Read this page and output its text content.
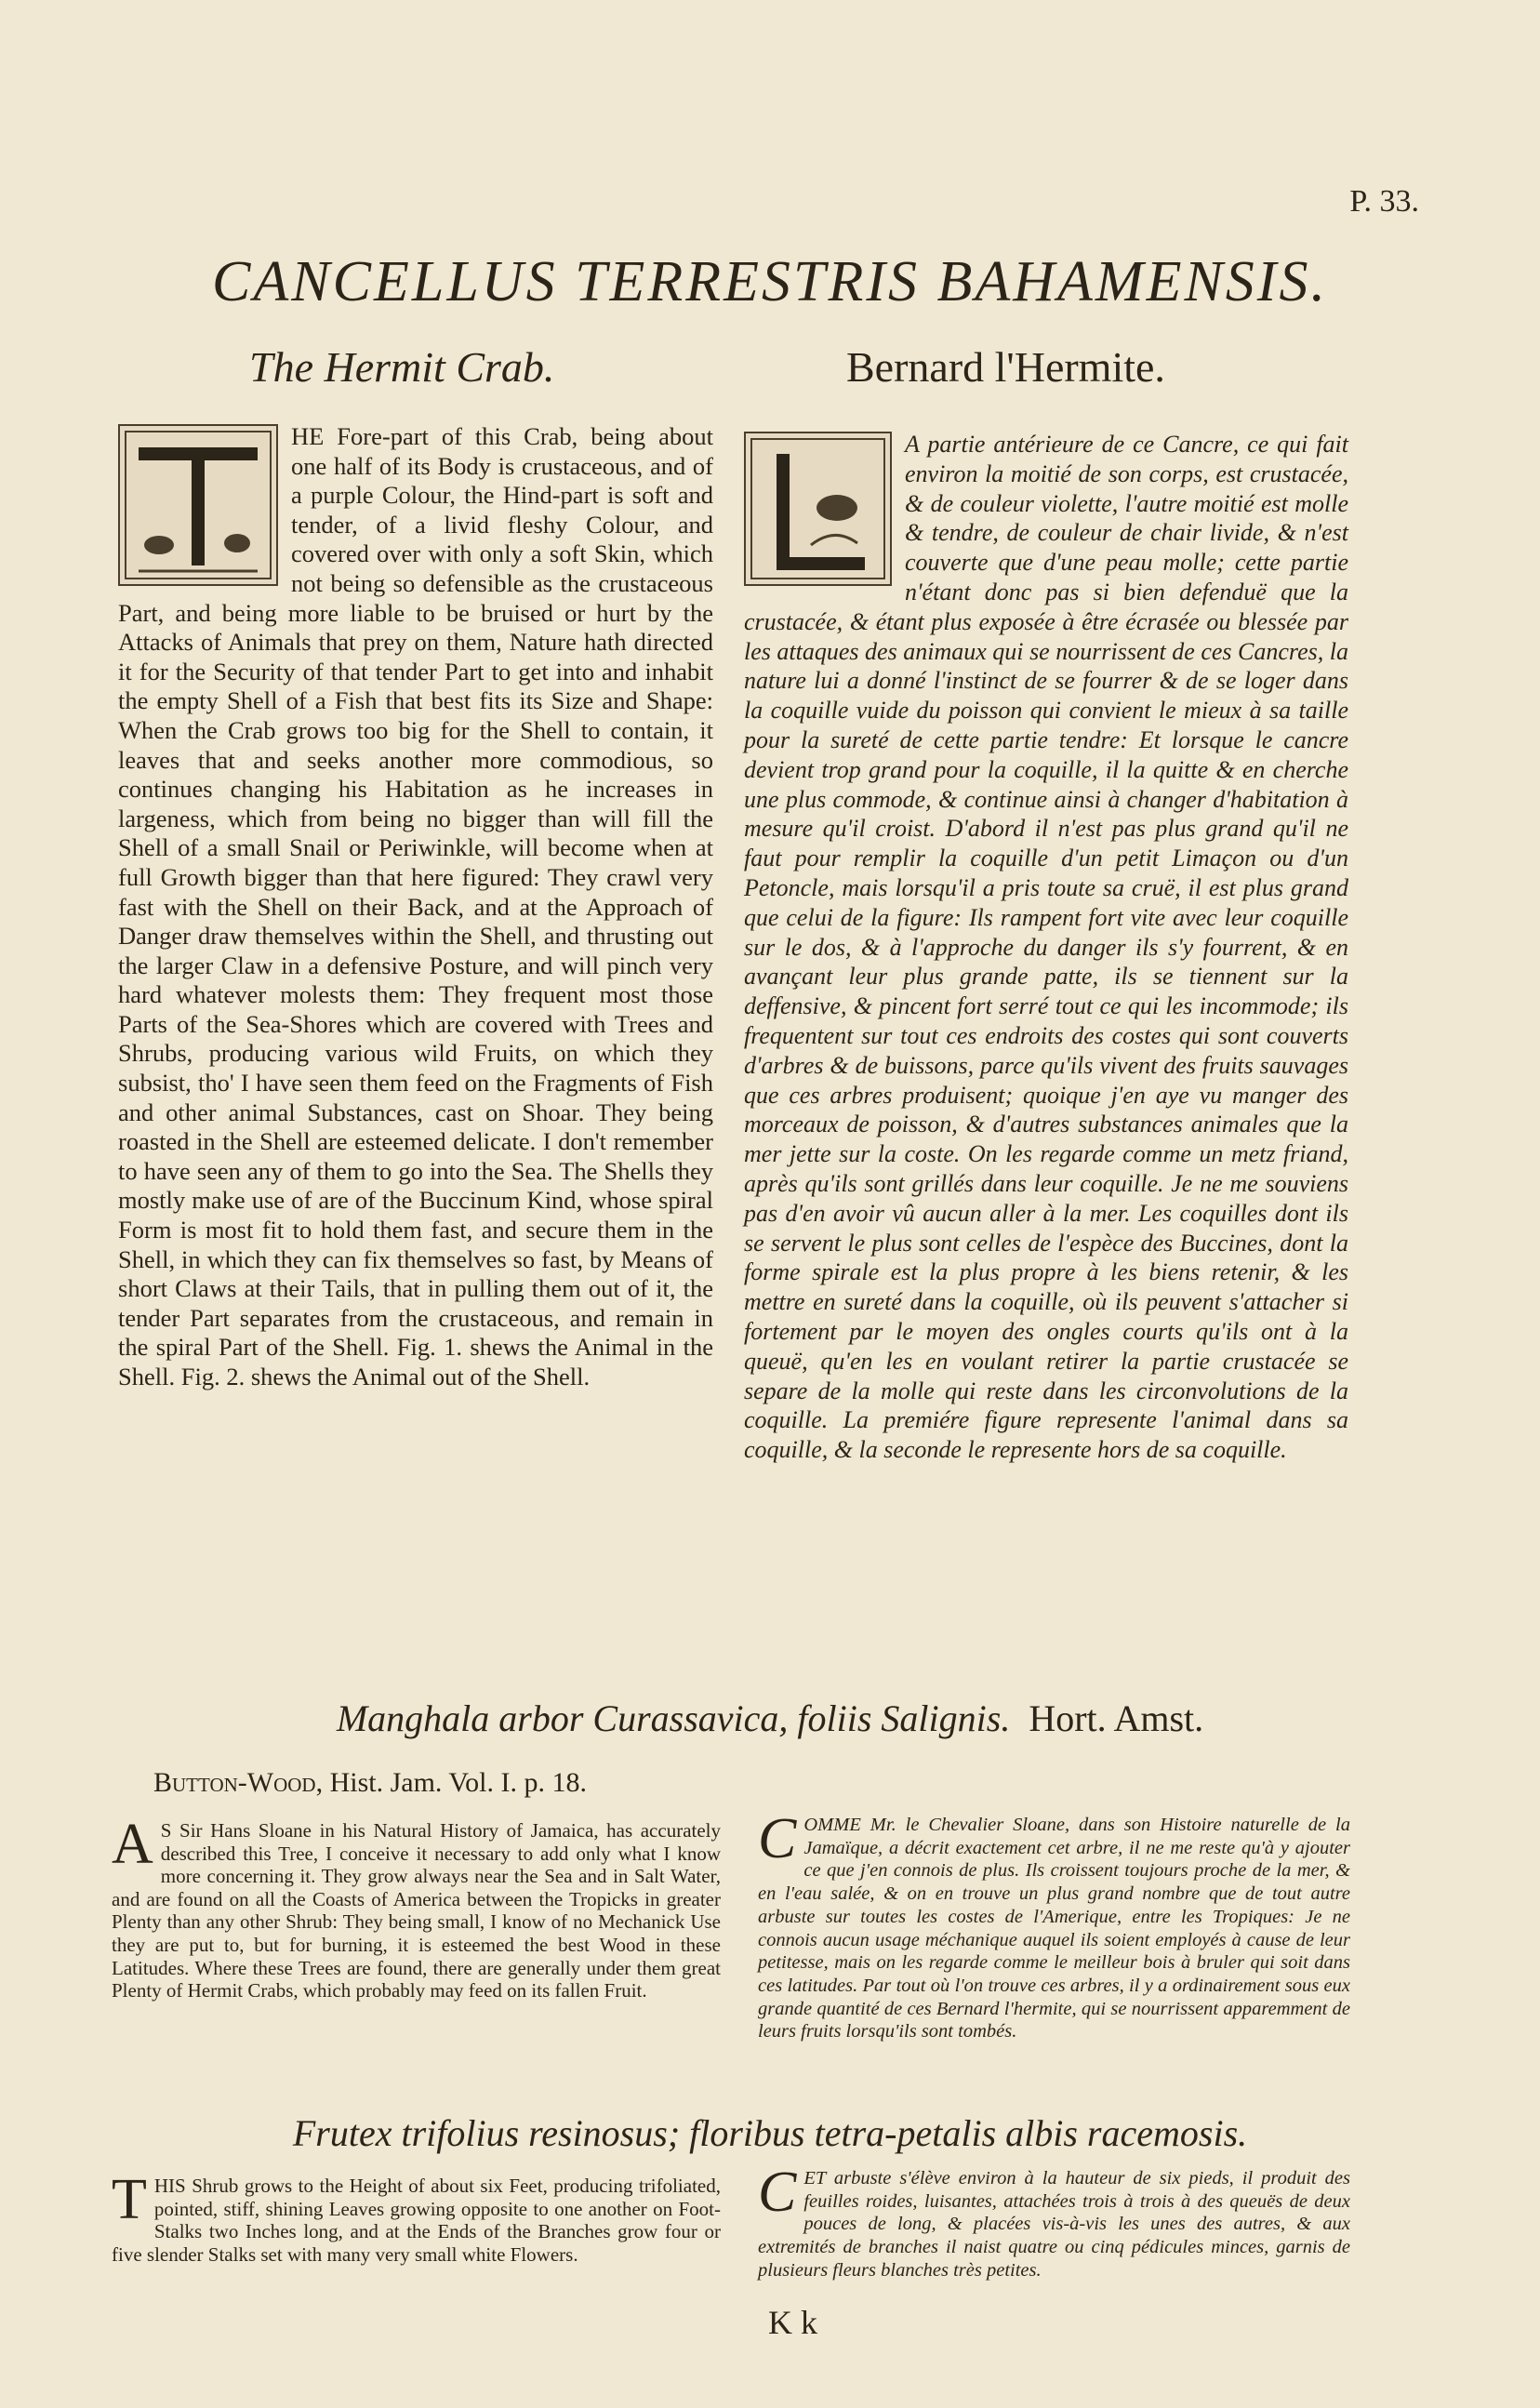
P. 33.
CANCELLUS TERRESTRIS BAHAMENSIS.
The Hermit Crab.	Bernard l'Hermite.
HE Fore-part of this Crab, being about one half of its Body is crustaceous, and of a purple Colour, the Hind-part is soft and tender, of a livid fleshy Colour, and covered over with only a soft Skin, which not being so defensible as the crustaceous Part, and being more liable to be bruised or hurt by the Attacks of Animals that prey on them, Nature hath directed it for the Security of that tender Part to get into and inhabit the empty Shell of a Fish that best fits its Size and Shape: When the Crab grows too big for the Shell to contain, it leaves that and seeks another more commodious, so continues changing his Habitation as he increases in largeness, which from being no bigger than will fill the Shell of a small Snail or Periwinkle, will become when at full Growth bigger than that here figured: They crawl very fast with the Shell on their Back, and at the Approach of Danger draw themselves within the Shell, and thrusting out the larger Claw in a defensive Posture, and will pinch very hard whatever molests them: They frequent most those Parts of the Sea-Shores which are covered with Trees and Shrubs, producing various wild Fruits, on which they subsist, tho' I have seen them feed on the Fragments of Fish and other animal Substances, cast on Shoar. They being roasted in the Shell are esteemed delicate. I don't remember to have seen any of them to go into the Sea. The Shells they mostly make use of are of the Buccinum Kind, whose spiral Form is most fit to hold them fast, and secure them in the Shell, in which they can fix themselves so fast, by Means of short Claws at their Tails, that in pulling them out of it, the tender Part separates from the crustaceous, and remain in the spiral Part of the Shell. Fig. 1. shews the Animal in the Shell. Fig. 2. shews the Animal out of the Shell.
A partie antérieure de ce Cancre, ce qui fait environ la moitié de son corps, est crustacée, & de couleur violette, l'autre moitié est molle & tendre, de couleur de chair livide, & n'est couverte que d'une peau molle; cette partie n'étant donc pas si bien defenduë que la crustacée, & étant plus exposée à être écrasée ou blessée par les attaques des animaux qui se nourrissent de ces Cancres, la nature lui a donné l'instinct de se fourrer & de se loger dans la coquille vuide du poisson qui convient le mieux à sa taille pour la sureté de cette partie tendre: Et lorsque le cancre devient trop grand pour la coquille, il la quitte & en cherche une plus commode, & continue ainsi à changer d'habitation à mesure qu'il croist. D'abord il n'est pas plus grand qu'il ne faut pour remplir la coquille d'un petit Limaçon ou d'un Petoncle, mais lorsqu'il a pris toute sa cruë, il est plus grand que celui de la figure: Ils rampent fort vite avec leur coquille sur le dos, & à l'approche du danger ils s'y fourrent, & en avançant leur plus grande patte, ils se tiennent sur la deffensive, & pincent fort serré tout ce qui les incommode; ils frequentent sur tout ces endroits des costes qui sont couverts d'arbres & de buissons, parce qu'ils vivent des fruits sauvages que ces arbres produisent; quoique j'en aye vu manger des morceaux de poisson, & d'autres substances animales que la mer jette sur la coste. On les regarde comme un metz friand, après qu'ils sont grillés dans leur coquille. Je ne me souviens pas d'en avoir vû aucun aller à la mer. Les coquilles dont ils se servent le plus sont celles de l'espèce des Buccines, dont la forme spirale est la plus propre à les biens retenir, & les mettre en sureté dans la coquille, où ils peuvent s'attacher si fortement par le moyen des ongles courts qu'ils ont à la queuë, qu'en les en voulant retirer la partie crustacée se separe de la molle qui reste dans les circonvolutions de la coquille. La premiére figure represente l'animal dans sa coquille, & la seconde le represente hors de sa coquille.
Manghala arbor Curassavica, foliis Salignis. Hort. Amst.
Button-Wood, Hist. Jam. Vol. I. p. 18.
A S Sir Hans Sloane in his Natural History of Jamaica, has accurately described this Tree, I conceive it necessary to add only what I know more concerning it. They grow always near the Sea and in Salt Water, and are found on all the Coasts of America between the Tropicks in greater Plenty than any other Shrub: They being small, I know of no Mechanick Use they are put to, but for burning, it is esteemed the best Wood in these Latitudes. Where these Trees are found, there are generally under them great Plenty of Hermit Crabs, which probably may feed on its fallen Fruit.
COMME Mr. le Chevalier Sloane, dans son Histoire naturelle de la Jamaïque, a décrit exactement cet arbre, il ne me reste qu'à y ajouter ce que j'en connois de plus. Ils croissent toujours proche de la mer, & en l'eau salée, & on en trouve un plus grand nombre que de tout autre arbuste sur toutes les costes de l'Amerique, entre les Tropiques: Je ne connois aucun usage méchanique auquel ils soient employés à cause de leur petitesse, mais on les regarde comme le meilleur bois à bruler qui soit dans ces latitudes. Par tout où l'on trouve ces arbres, il y a ordinairement sous eux grande quantité de ces Bernard l'hermite, qui se nourrissent apparemment de leurs fruits lorsqu'ils sont tombés.
Frutex trifolius resinosus; floribus tetra-petalis albis racemosis.
THIS Shrub grows to the Height of about six Feet, producing trifoliated, pointed, stiff, shining Leaves growing opposite to one another on Foot-Stalks two Inches long, and at the Ends of the Branches grow four or five slender Stalks set with many very small white Flowers.
CET arbuste s'élève environ à la hauteur de six pieds, il produit des feuilles roides, luisantes, attachées trois à trois à des queuës de deux pouces de long, & placées vis-à-vis les unes des autres, & aux extremités de branches il naist quatre ou cinq pédicules minces, garnis de plusieurs fleurs blanches très petites.
K k
